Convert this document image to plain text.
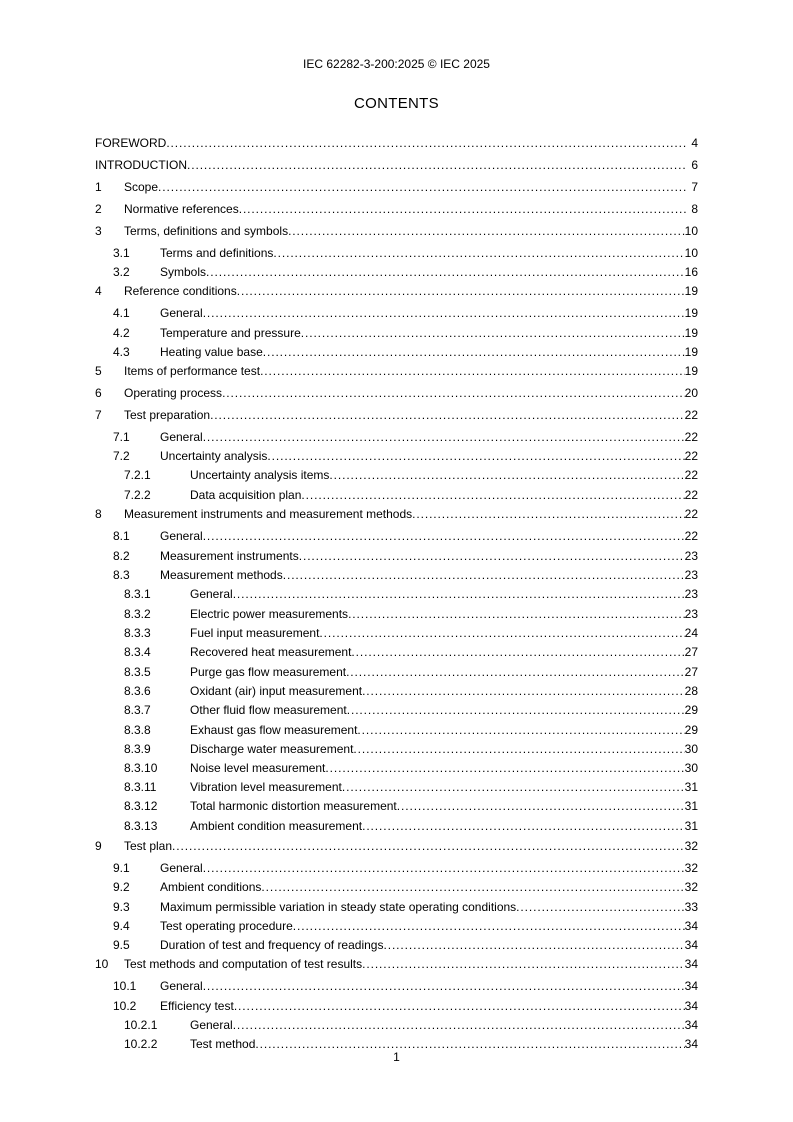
IEC 62282-3-200:2025 © IEC 2025
CONTENTS
FOREWORD .....	4
INTRODUCTION .....	6
1	Scope .....	7
2	Normative references .....	8
3	Terms, definitions and symbols .....	10
3.1	Terms and definitions .....	10
3.2	Symbols .....	16
4	Reference conditions .....	19
4.1	General .....	19
4.2	Temperature and pressure .....	19
4.3	Heating value base .....	19
5	Items of performance test .....	19
6	Operating process .....	20
7	Test preparation .....	22
7.1	General .....	22
7.2	Uncertainty analysis .....	22
7.2.1	Uncertainty analysis items .....	22
7.2.2	Data acquisition plan .....	22
8	Measurement instruments and measurement methods .....	22
8.1	General .....	22
8.2	Measurement instruments .....	23
8.3	Measurement methods .....	23
8.3.1	General .....	23
8.3.2	Electric power measurements .....	23
8.3.3	Fuel input measurement .....	24
8.3.4	Recovered heat measurement .....	27
8.3.5	Purge gas flow measurement .....	27
8.3.6	Oxidant (air) input measurement .....	28
8.3.7	Other fluid flow measurement .....	29
8.3.8	Exhaust gas flow measurement .....	29
8.3.9	Discharge water measurement .....	30
8.3.10	Noise level measurement .....	30
8.3.11	Vibration level measurement .....	31
8.3.12	Total harmonic distortion measurement .....	31
8.3.13	Ambient condition measurement .....	31
9	Test plan .....	32
9.1	General .....	32
9.2	Ambient conditions .....	32
9.3	Maximum permissible variation in steady state operating conditions .....	33
9.4	Test operating procedure .....	34
9.5	Duration of test and frequency of readings .....	34
10	Test methods and computation of test results .....	34
10.1	General .....	34
10.2	Efficiency test .....	34
10.2.1	General .....	34
10.2.2	Test method .....	34
1
